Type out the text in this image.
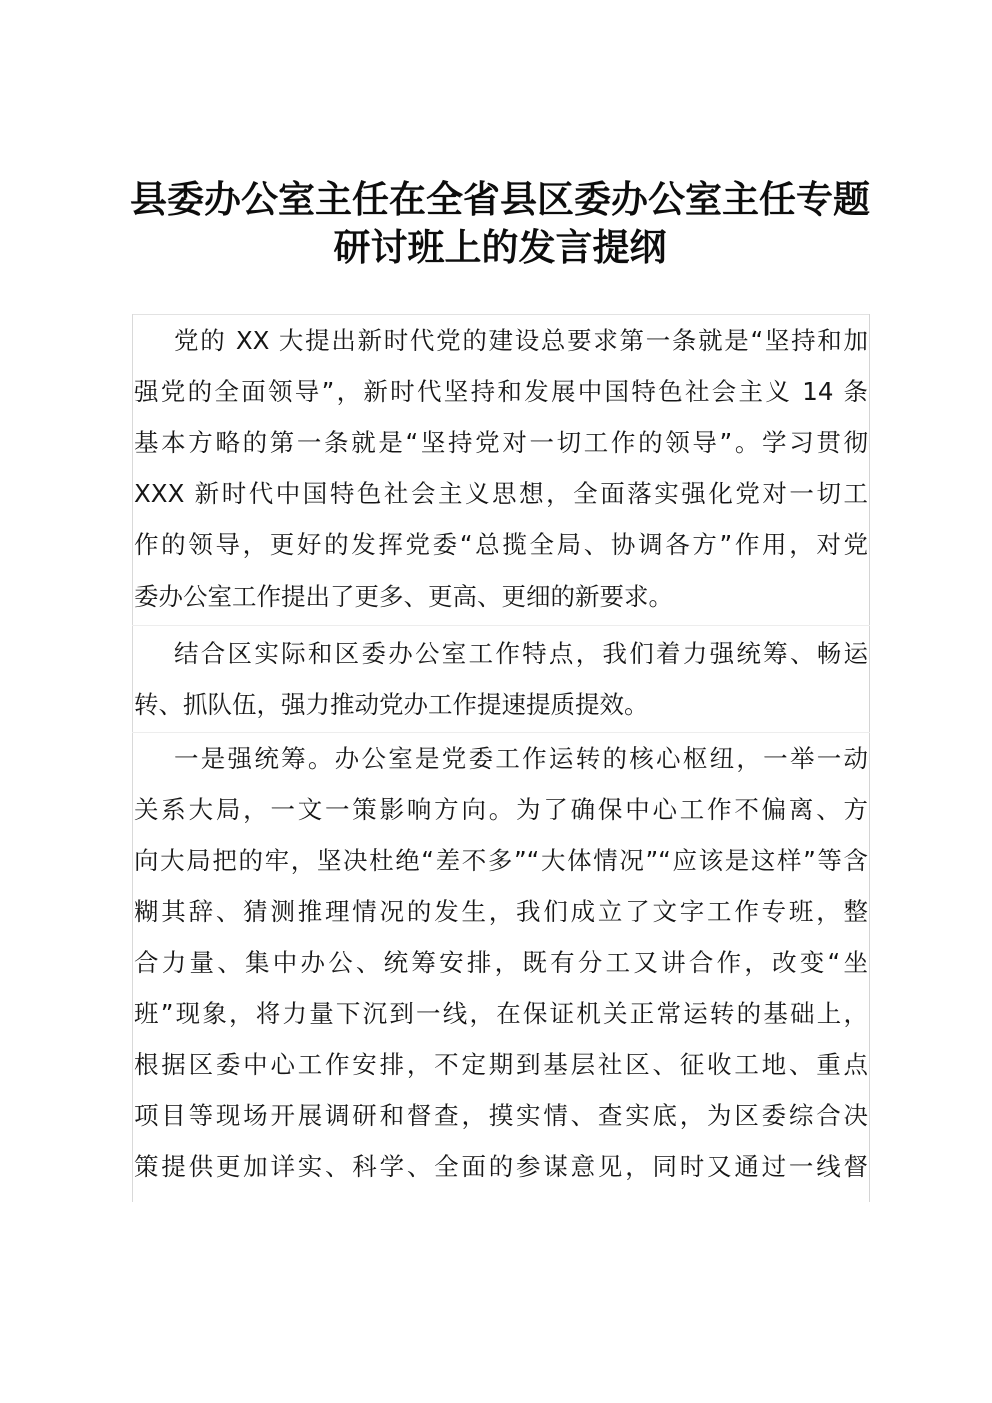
县委办公室主任在全省县区委办公室主任专题
研讨班上的发言提纲
党的 XX 大提出新时代党的建设总要求第一条就是“坚持和加
强党的全面领导”，新时代坚持和发展中国特色社会主义 14 条
基本方略的第一条就是“坚持党对一切工作的领导”。学习贯彻
XXX 新时代中国特色社会主义思想，全面落实强化党对一切工
作的领导，更好的发挥党委“总揽全局、协调各方”作用，对党
委办公室工作提出了更多、更高、更细的新要求。
结合区实际和区委办公室工作特点，我们着力强统筹、畅运
转、抓队伍，强力推动党办工作提速提质提效。
一是强统筹。办公室是党委工作运转的核心枢纽，一举一动
关系大局，一文一策影响方向。为了确保中心工作不偏离、方
向大局把的牢，坚决杜绝“差不多”“大体情况”“应该是这样”等含
糊其辞、猜测推理情况的发生，我们成立了文字工作专班，整
合力量、集中办公、统筹安排，既有分工又讲合作，改变“坐
班”现象，将力量下沉到一线，在保证机关正常运转的基础上，
根据区委中心工作安排，不定期到基层社区、征收工地、重点
项目等现场开展调研和督查，摸实情、查实底，为区委综合决
策提供更加详实、科学、全面的参谋意见，同时又通过一线督
